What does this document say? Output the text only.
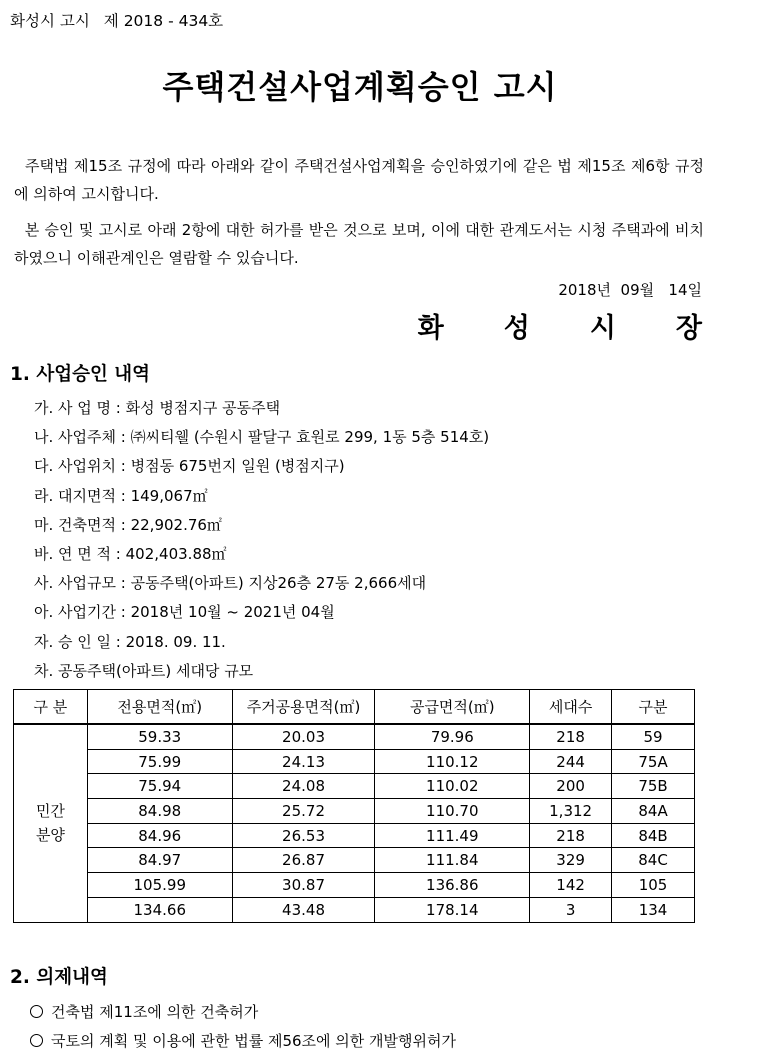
화성시 고시 제 2018 - 434호
주택건설사업계획승인 고시
주택법 제15조 규정에 따라 아래와 같이 주택건설사업계획을 승인하였기에 같은 법 제15조 제6항 규정에 의하여 고시합니다.
본 승인 및 고시로 아래 2항에 대한 허가를 받은 것으로 보며, 이에 대한 관계도서는 시청 주택과에 비치하였으니 이해관계인은 열람할 수 있습니다.
2018년  09월   14일
화성시장
1. 사업승인 내역
가. 사 업 명 : 화성 병점지구 공동주택
나. 사업주체 : ㈜씨티웰 (수원시 팔달구 효원로 299, 1동 5층 514호)
다. 사업위치 : 병점동 675번지 일원 (병점지구)
라. 대지면적 : 149,067㎡
마. 건축면적 : 22,902.76㎡
바. 연 면 적 : 402,403.88㎡
사. 사업규모 : 공동주택(아파트) 지상26층 27동 2,666세대
아. 사업기간 : 2018년 10월 ~ 2021년 04월
자. 승 인 일 : 2018. 09. 11.
차. 공동주택(아파트) 세대당 규모
구 분	전용면적(㎡)	주거공용면적(㎡)	공급면적(㎡)	세대수	구분

민간
분양	59.33	20.03	79.96	218	59
	75.99	24.13	110.12	244	75A
	75.94	24.08	110.02	200	75B
	84.98	25.72	110.70	1,312	84A
	84.96	26.53	111.49	218	84B
	84.97	26.87	111.84	329	84C
	105.99	30.87	136.86	142	105
	134.66	43.48	178.14	3	134
2. 의제내역
건축법 제11조에 의한 건축허가
국토의 계획 및 이용에 관한 법률 제56조에 의한 개발행위허가
